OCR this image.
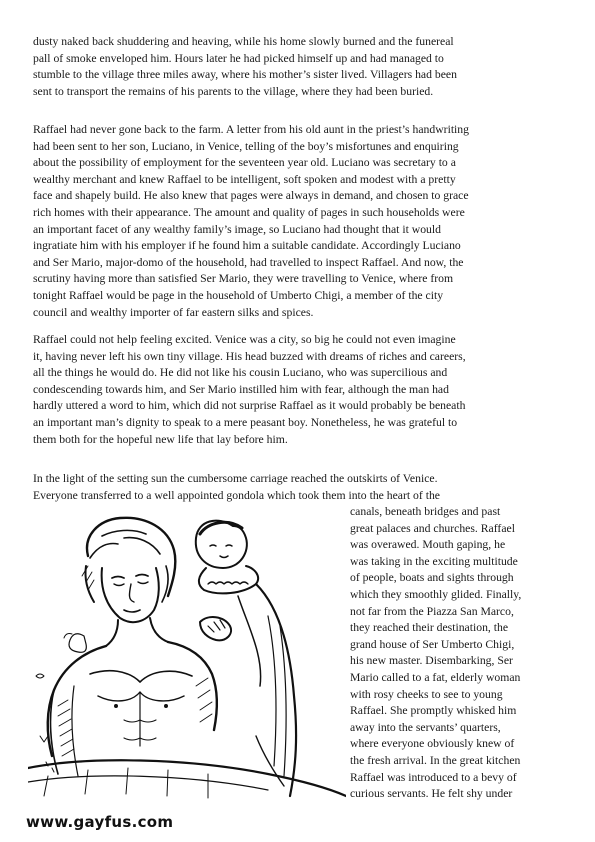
dusty naked back shuddering and heaving, while his home slowly burned and the funereal
pall of smoke enveloped him. Hours later he had picked himself up and had managed to
stumble to the village three miles away, where his mother’s sister lived. Villagers had been
sent to transport the remains of his parents to the village, where they had been buried.
Raffael had never gone back to the farm. A letter from his old aunt in the priest’s handwriting
had been sent to her son, Luciano, in Venice, telling of the boy’s misfortunes and enquiring
about the possibility of employment for the seventeen year old. Luciano was secretary to a
wealthy merchant and knew Raffael to be intelligent, soft spoken and modest with a pretty
face and shapely build. He also knew that pages were always in demand, and chosen to grace
rich homes with their appearance. The amount and quality of pages in such households were
an important facet of any wealthy family’s image, so Luciano had thought that it would
ingratiate him with his employer if he found him a suitable candidate. Accordingly Luciano
and Ser Mario, major-domo of the household, had travelled to inspect Raffael. And now, the
scrutiny having more than satisfied Ser Mario, they were travelling to Venice, where from
tonight Raffael would be page in the household of Umberto Chigi, a member of the city
council and wealthy importer of far eastern silks and spices.
Raffael could not help feeling excited. Venice was a city, so big he could not even imagine
it, having never left his own tiny village. His head buzzed with dreams of riches and careers,
all the things he would do. He did not like his cousin Luciano, who was supercilious and
condescending towards him, and Ser Mario instilled him with fear, although the man had
hardly uttered a word to him, which did not surprise Raffael as it would probably be beneath
an important man’s dignity to speak to a mere peasant boy. Nonetheless, he was grateful to
them both for the hopeful new life that lay before him.
In the light of the setting sun the cumbersome carriage reached the outskirts of Venice.
Everyone transferred to a well appointed gondola which took them into the heart of the
canals, beneath bridges and past
great palaces and churches. Raffael
was overawed. Mouth gaping, he
was taking in the exciting multitude
of people, boats and sights through
which they smoothly glided. Finally,
not far from the Piazza San Marco,
they reached their destination, the
grand house of Ser Umberto Chigi,
his new master. Disembarking, Ser
Mario called to a fat, elderly woman
with rosy cheeks to see to young
Raffael. She promptly whisked him
away into the servants’ quarters,
where everyone obviously knew of
the fresh arrival. In the great kitchen
Raffael was introduced to a bevy of
curious servants. He felt shy under
www.gayfus.com
